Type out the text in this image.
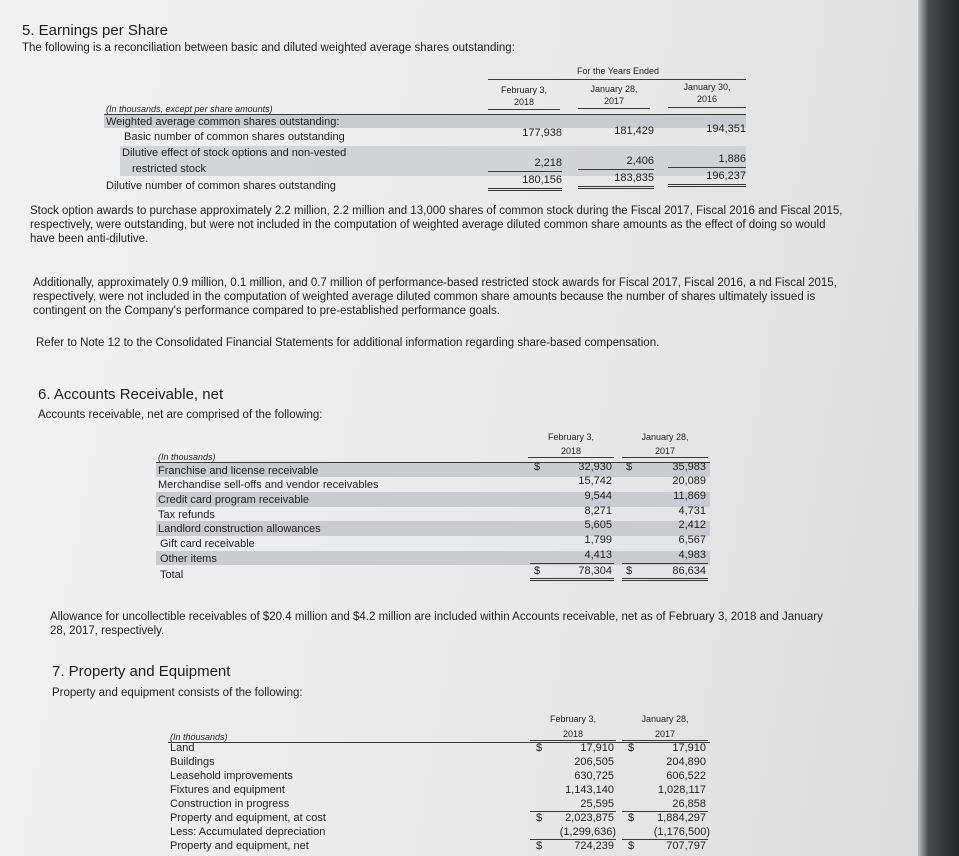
5. Earnings per Share
The following is a reconciliation between basic and diluted weighted average shares outstanding:
For the Years Ended
February 3,
2018
January 28,
2017
January 30,
2016
(In thousands, except per share amounts)
Weighted average common shares outstanding:
Basic number of common shares outstanding	177,938	181,429	194,351
Dilutive effect of stock options and non-vested
restricted stock	2,218	2,406	1,886
Dilutive number of common shares outstanding	180,156	183,835	196,237
Stock option awards to purchase approximately 2.2 million, 2.2 million and 13,000 shares of common stock during the Fiscal 2017, Fiscal 2016 and Fiscal 2015, respectively, were outstanding, but were not included in the computation of weighted average diluted common share amounts as the effect of doing so would have been anti-dilutive.
Additionally, approximately 0.9 million, 0.1 million, and 0.7 million of performance-based restricted stock awards for Fiscal 2017, Fiscal 2016, a nd Fiscal 2015, respectively, were not included in the computation of weighted average diluted common share amounts because the number of shares ultimately issued is contingent on the Company's performance compared to pre-established performance goals.
Refer to Note 12 to the Consolidated Financial Statements for additional information regarding share-based compensation.
6. Accounts Receivable, net
Accounts receivable, net are comprised of the following:
February 3,
2018
January 28,
2017
(In thousands)
Franchise and license receivable	$	32,930 $	35,983
Merchandise sell-offs and vendor receivables	15,742	20,089
Credit card program receivable	9,544	11,869
Tax refunds	8,271	4,731
Landlord construction allowances	5,605	2,412
Gift card receivable	1,799	6,567
Other items	4,413	4,983
Total	$	78,304 $	86,634
Allowance for uncollectible receivables of $20.4 million and $4.2 million are included within Accounts receivable, net as of February 3, 2018 and January 28, 2017, respectively.
7. Property and Equipment
Property and equipment consists of the following:
February 3,
2018
January 28,
2017
(In thousands)
Land	$	17,910 $	17,910
Buildings	206,505	204,890
Leasehold improvements	630,725	606,522
Fixtures and equipment	1,143,140	1,028,117
Construction in progress	25,595	26,858
Property and equipment, at cost	$	2,023,875 $	1,884,297
Less: Accumulated depreciation	(1,299,636)	(1,176,500)
Property and equipment, net	$	724,239 $	707,797
